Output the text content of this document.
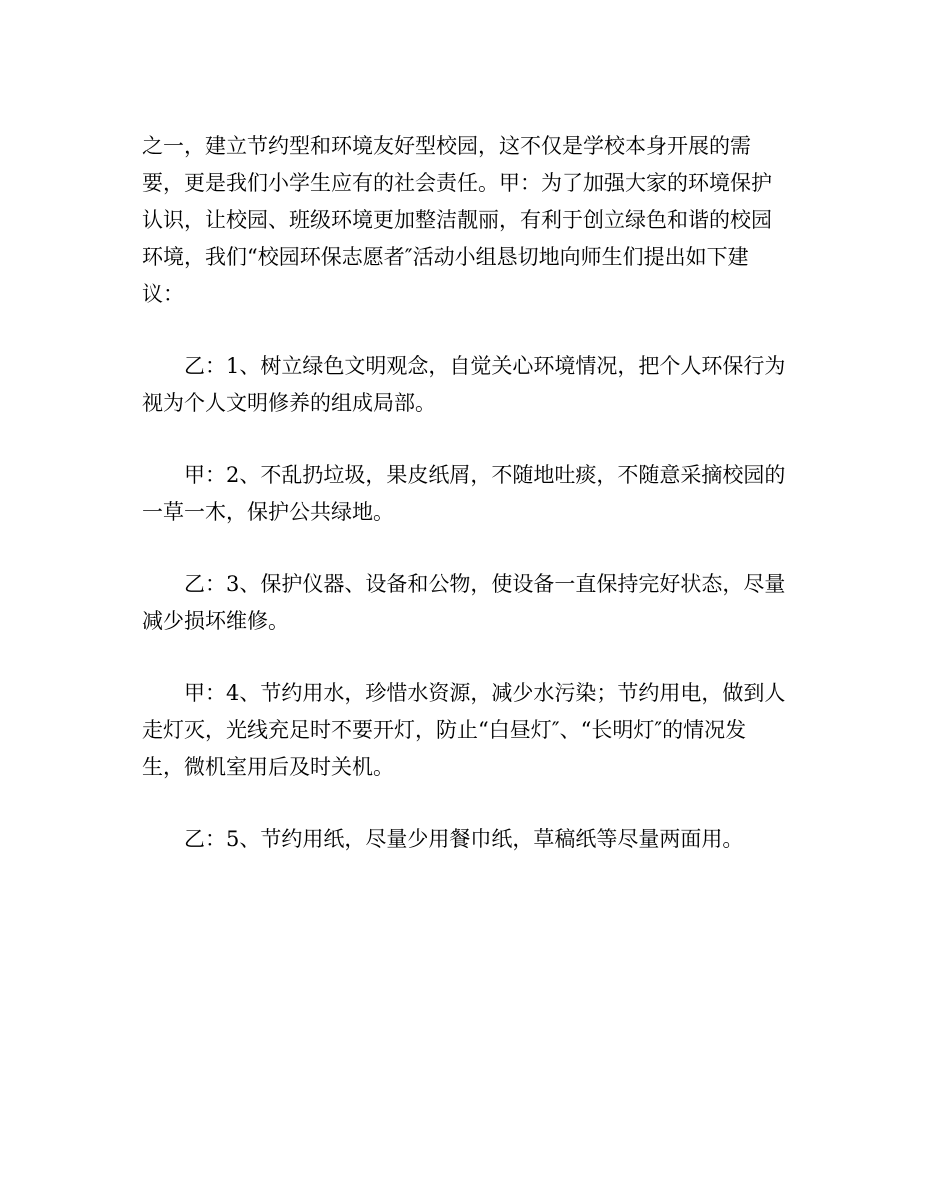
之一，建立节约型和环境友好型校园，这不仅是学校本身开展的需
要，更是我们小学生应有的社会责任。甲：为了加强大家的环境保护
认识，让校园、班级环境更加整洁靓丽，有利于创立绿色和谐的校园
环境，我们“校园环保志愿者″活动小组恳切地向师生们提出如下建
议：
乙：1、树立绿色文明观念，自觉关心环境情况，把个人环保行为
视为个人文明修养的组成局部。
甲：2、不乱扔垃圾，果皮纸屑，不随地吐痰，不随意采摘校园的
一草一木，保护公共绿地。
乙：3、保护仪器、设备和公物，使设备一直保持完好状态，尽量
减少损坏维修。
甲：4、节约用水，珍惜水资源，减少水污染；节约用电，做到人
走灯灭，光线充足时不要开灯，防止“白昼灯″、“长明灯″的情况发
生，微机室用后及时关机。
乙：5、节约用纸，尽量少用餐巾纸，草稿纸等尽量两面用。
